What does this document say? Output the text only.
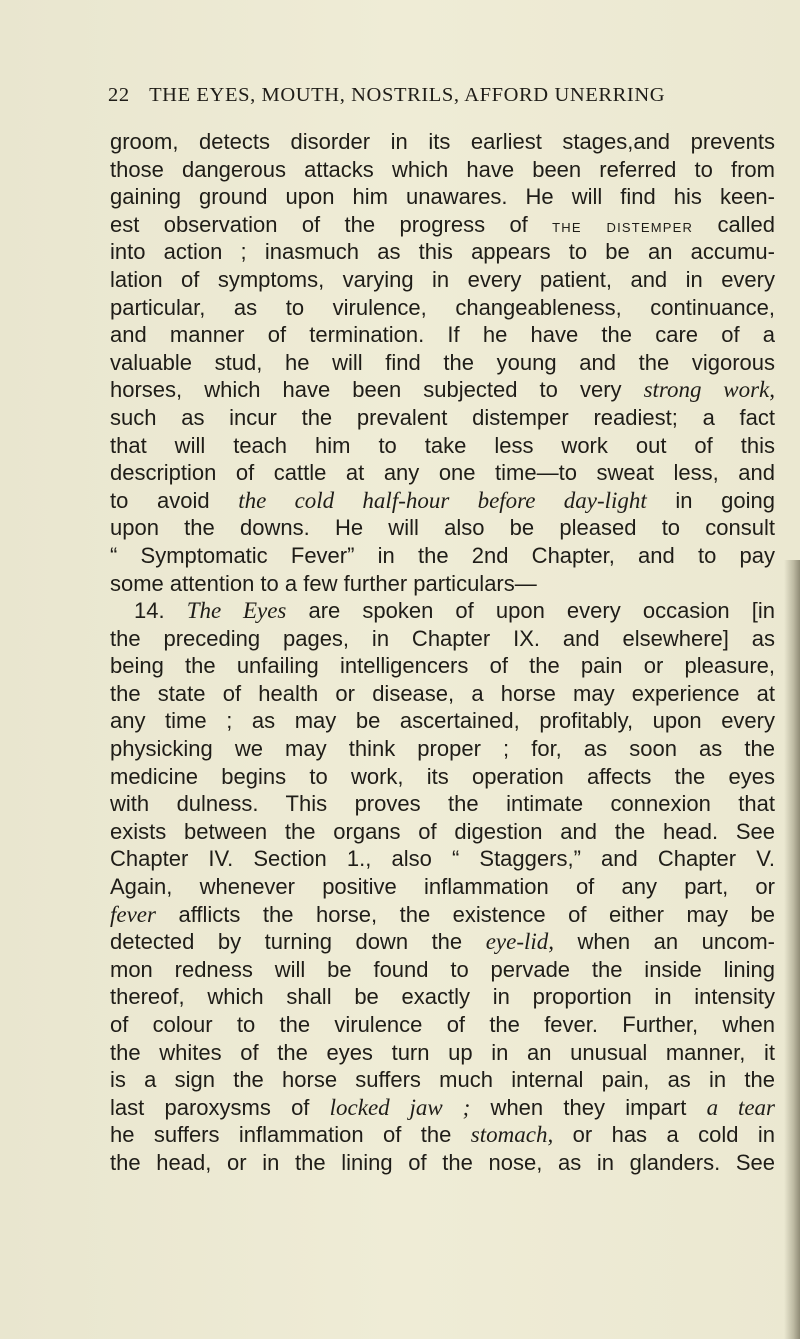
22 THE EYES, MOUTH, NOSTRILS, AFFORD UNERRING
groom, detects disorder in its earliest stages,and prevents
those dangerous attacks which have been referred to from
gaining ground upon him unawares. He will find his keen-
est observation of the progress of the distemper called
into action ; inasmuch as this appears to be an accumu-
lation of symptoms, varying in every patient, and in every
particular, as to virulence, changeableness, continuance,
and manner of termination. If he have the care of a
valuable stud, he will find the young and the vigorous
horses, which have been subjected to very strong work,
such as incur the prevalent distemper readiest; a fact
that will teach him to take less work out of this
description of cattle at any one time—to sweat less, and
to avoid the cold half-hour before day-light in going
upon the downs. He will also be pleased to consult
“ Symptomatic Fever” in the 2nd Chapter, and to pay
some attention to a few further particulars—
14. The Eyes are spoken of upon every occasion [in
the preceding pages, in Chapter IX. and elsewhere] as
being the unfailing intelligencers of the pain or pleasure,
the state of health or disease, a horse may experience at
any time ; as may be ascertained, profitably, upon every
physicking we may think proper ; for, as soon as the
medicine begins to work, its operation affects the eyes
with dulness. This proves the intimate connexion that
exists between the organs of digestion and the head. See
Chapter IV. Section 1., also “ Staggers,” and Chapter V.
Again, whenever positive inflammation of any part, or
fever afflicts the horse, the existence of either may be
detected by turning down the eye-lid, when an uncom-
mon redness will be found to pervade the inside lining
thereof, which shall be exactly in proportion in intensity
of colour to the virulence of the fever. Further, when
the whites of the eyes turn up in an unusual manner, it
is a sign the horse suffers much internal pain, as in the
last paroxysms of locked jaw ; when they impart a tear
he suffers inflammation of the stomach, or has a cold in
the head, or in the lining of the nose, as in glanders. See
